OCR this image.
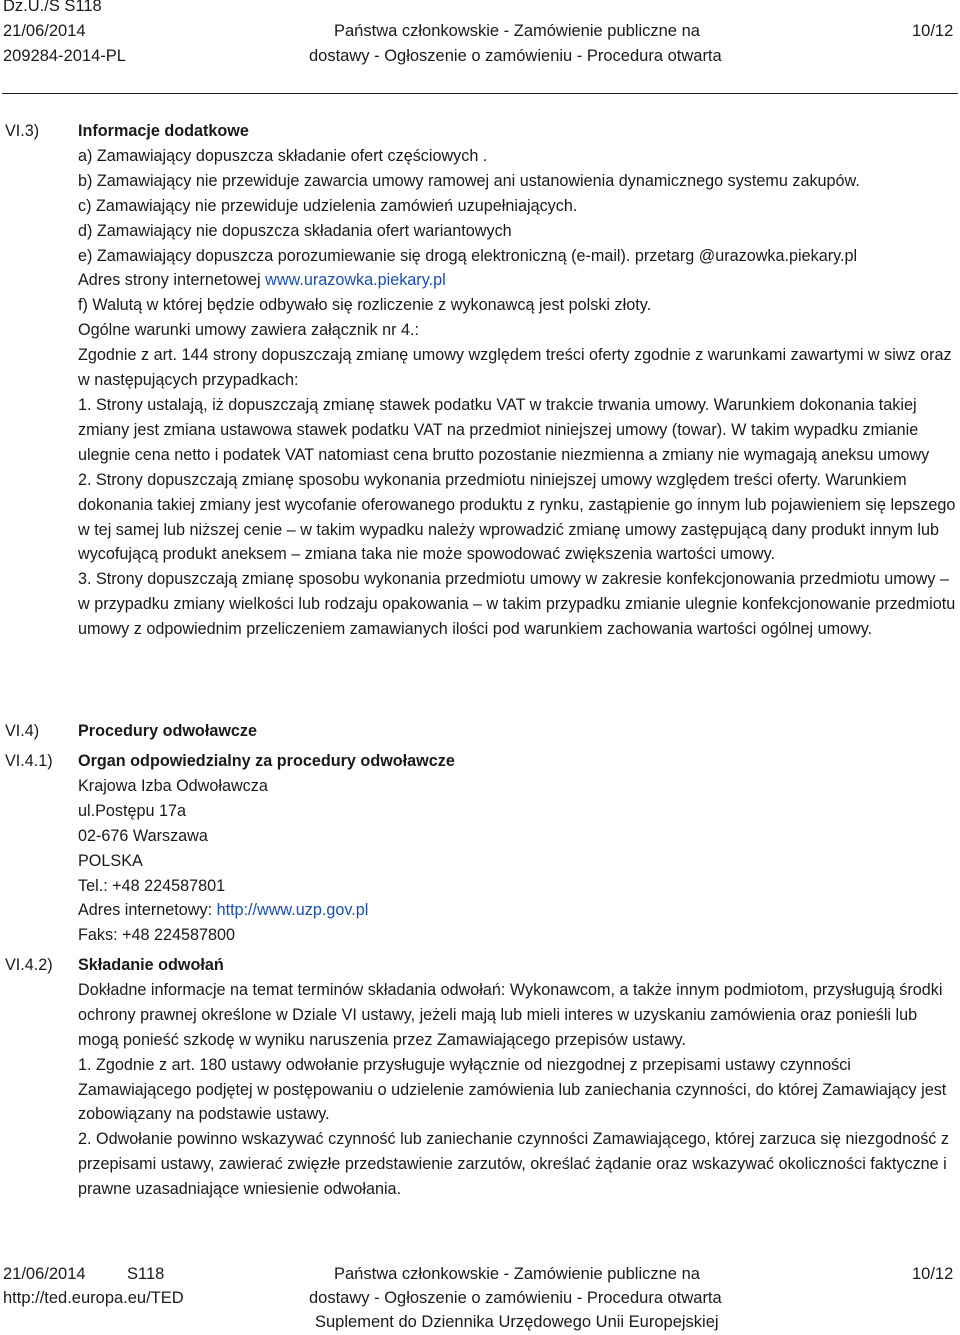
Dz.U./S S118
21/06/2014
209284-2014-PL
Państwa członkowskie - Zamówienie publiczne na
dostawy - Ogłoszenie o zamówieniu - Procedura otwarta
10/12
VI.3) Informacje dodatkowe

a) Zamawiający dopuszcza składanie ofert częściowych .

b) Zamawiający nie przewiduje zawarcia umowy ramowej ani ustanowienia dynamicznego systemu zakupów.

c) Zamawiający nie przewiduje udzielenia zamówień uzupełniających.

d) Zamawiający nie dopuszcza składania ofert wariantowych

e) Zamawiający dopuszcza porozumiewanie się drogą elektroniczną (e-mail). przetarg @urazowka.piekary.pl

Adres strony internetowej www.urazowka.piekary.pl

f) Walutą w której będzie odbywało się rozliczenie z wykonawcą jest polski złoty.

Ogólne warunki umowy zawiera załącznik nr 4.:

Zgodnie z art. 144 strony dopuszczają zmianę umowy względem treści oferty zgodnie z warunkami zawartymi w siwz oraz w następujących przypadkach:

1. Strony ustalają, iż dopuszczają zmianę stawek podatku VAT w trakcie trwania umowy. Warunkiem dokonania takiej zmiany jest zmiana ustawowa stawek podatku VAT na przedmiot niniejszej umowy (towar). W takim wypadku zmianie ulegnie cena netto i podatek VAT natomiast cena brutto pozostanie niezmienna a zmiany nie wymagają aneksu umowy

2. Strony dopuszczają zmianę sposobu wykonania przedmiotu niniejszej umowy względem treści oferty. Warunkiem dokonania takiej zmiany jest wycofanie oferowanego produktu z rynku, zastąpienie go innym lub pojawieniem się lepszego w tej samej lub niższej cenie – w takim wypadku należy wprowadzić zmianę umowy zastępującą dany produkt innym lub wycofującą produkt aneksem – zmiana taka nie może spowodować zwiększenia wartości umowy.

3. Strony dopuszczają zmianę sposobu wykonania przedmiotu umowy w zakresie konfekcjonowania przedmiotu umowy – w przypadku zmiany wielkości lub rodzaju opakowania – w takim przypadku zmianie ulegnie konfekcjonowanie przedmiotu umowy z odpowiednim przeliczeniem zamawianych ilości pod warunkiem zachowania wartości ogólnej umowy.

VI.4) Procedury odwoławcze

VI.4.1) Organ odpowiedzialny za procedury odwoławcze

Krajowa Izba Odwoławcza

ul.Postępu 17a

02-676 Warszawa

POLSKA

Tel.: +48 224587801

Adres internetowy: http://www.uzp.gov.pl

Faks: +48 224587800

VI.4.2) Składanie odwołań

Dokładne informacje na temat terminów składania odwołań: Wykonawcom, a także innym podmiotom, przysługują środki ochrony prawnej określone w Dziale VI ustawy, jeżeli mają lub mieli interes w uzyskaniu zamówienia oraz ponieśli lub mogą ponieść szkodę w wyniku naruszenia przez Zamawiającego przepisów ustawy.

1. Zgodnie z art. 180 ustawy odwołanie przysługuje wyłącznie od niezgodnej z przepisami ustawy czynności Zamawiającego podjętej w postępowaniu o udzielenie zamówienia lub zaniechania czynności, do której Zamawiający jest zobowiązany na podstawie ustawy.

2. Odwołanie powinno wskazywać czynność lub zaniechanie czynności Zamawiającego, której zarzuca się niezgodność z przepisami ustawy, zawierać zwięzłe przedstawienie zarzutów, określać żądanie oraz wskazywać okoliczności faktyczne i prawne uzasadniające wniesienie odwołania.

21/06/2014	S118
http://ted.europa.eu/TED
Państwa członkowskie - Zamówienie publiczne na
dostawy - Ogłoszenie o zamówieniu - Procedura otwarta
Suplement do Dziennika Urzędowego Unii Europejskiej
10/12
